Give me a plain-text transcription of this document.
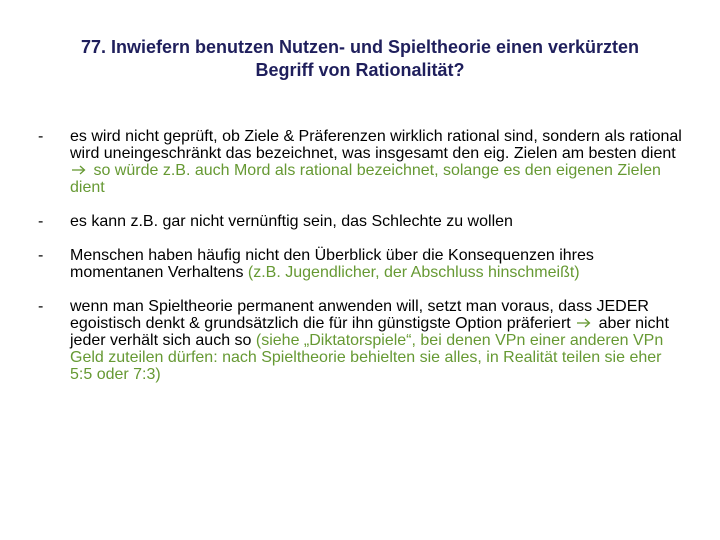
77. Inwiefern benutzen Nutzen- und Spieltheorie einen verkürzten
Begriff von Rationalität?
- es wird nicht geprüft, ob Ziele & Präferenzen wirklich rational sind, sondern als rational wird uneingeschränkt das bezeichnet, was insgesamt den eig. Zielen am besten dient  so würde z.B. auch Mord als rational bezeichnet, solange es den eigenen Zielen dient
- es kann z.B. gar nicht vernünftig sein, das Schlechte zu wollen
- Menschen haben häufig nicht den Überblick über die Konsequenzen ihres momentanen Verhaltens (z.B. Jugendlicher, der Abschluss hinschmeißt)
- wenn man Spieltheorie permanent anwenden will, setzt man voraus, dass JEDER egoistisch denkt & grundsätzlich die für ihn günstigste Option präferiert aber nicht jeder verhält sich auch so (siehe „Diktatorspiele“, bei denen VPn einer anderen VPn Geld zuteilen dürfen: nach Spieltheorie behielten sie alles, in Realität teilen sie eher 5:5 oder 7:3)
